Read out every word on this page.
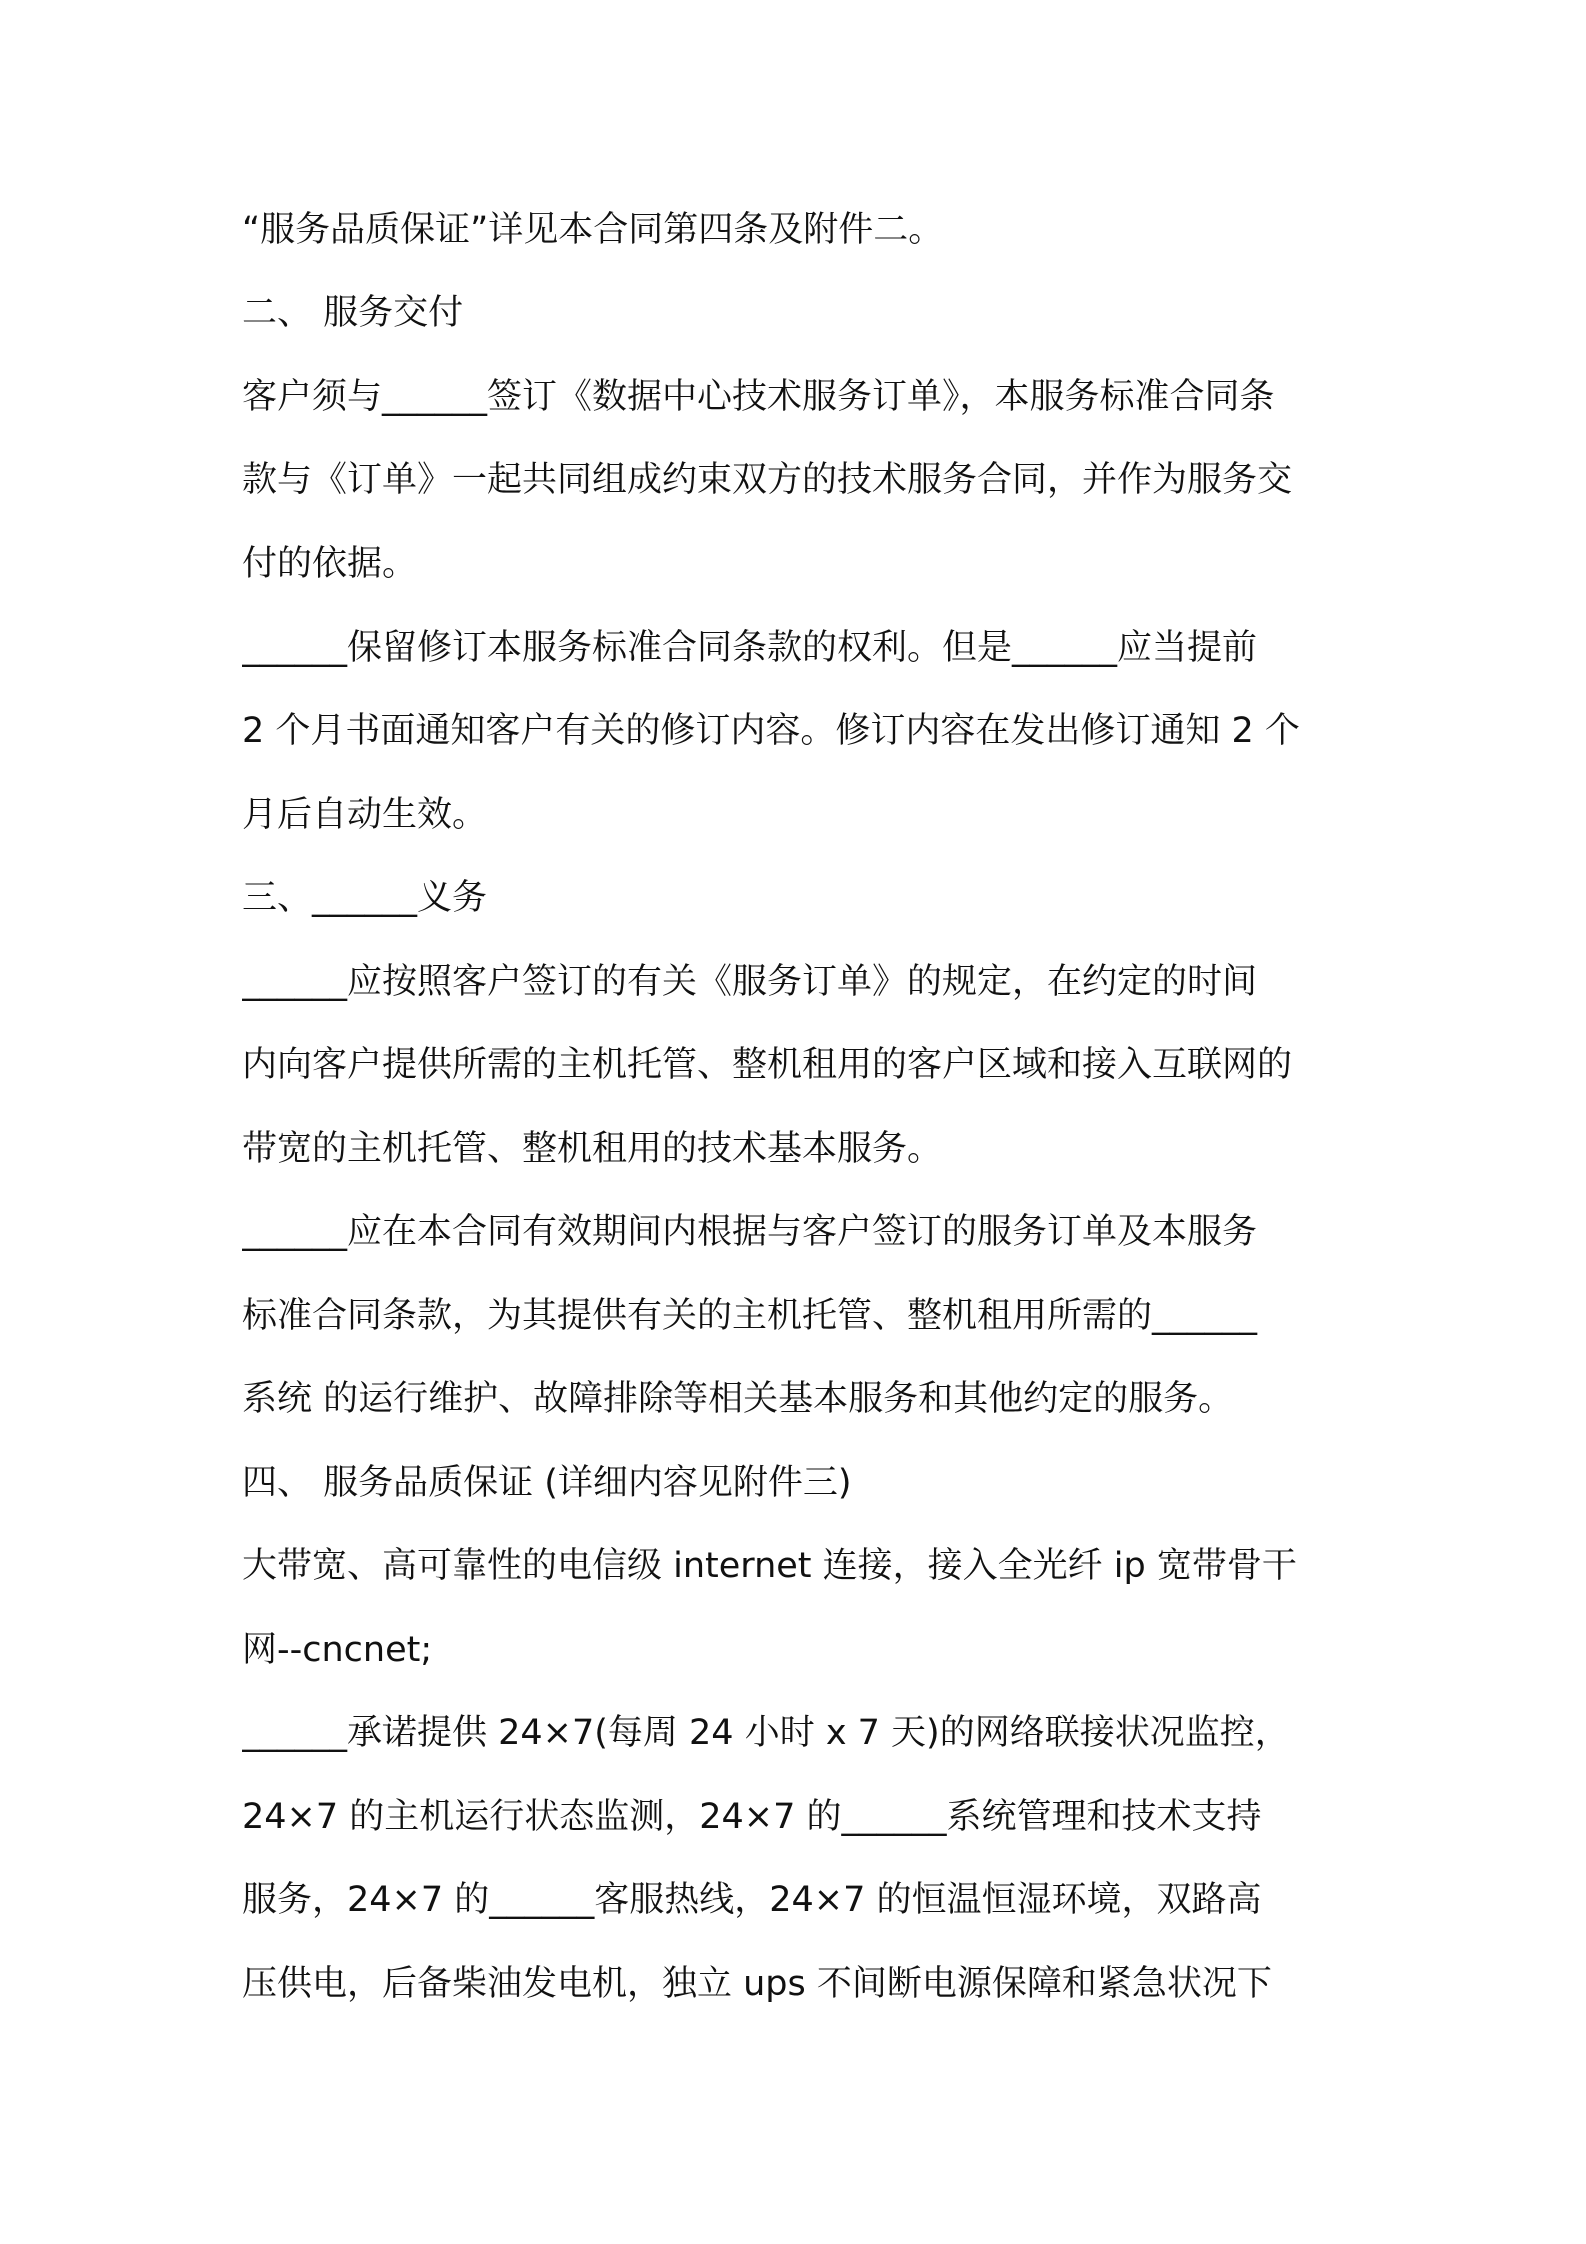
“服务品质保证”详见本合同第四条及附件二。
二、 服务交付
客户须与______签订《数据中心技术服务订单》，本服务标准合同条
款与《订单》一起共同组成约束双方的技术服务合同，并作为服务交
付的依据。
______保留修订本服务标准合同条款的权利。但是______应当提前
2 个月书面通知客户有关的修订内容。修订内容在发出修订通知 2 个
月后自动生效。
三、______义务
______应按照客户签订的有关《服务订单》的规定，在约定的时间
内向客户提供所需的主机托管、整机租用的客户区域和接入互联网的
带宽的主机托管、整机租用的技术基本服务。
______应在本合同有效期间内根据与客户签订的服务订单及本服务
标准合同条款，为其提供有关的主机托管、整机租用所需的______
系统 的运行维护、故障排除等相关基本服务和其他约定的服务。
四、 服务品质保证 (详细内容见附件三)
大带宽、高可靠性的电信级 internet 连接，接入全光纤 ip 宽带骨干
网--cncnet;
______承诺提供 24×7(每周 24 小时 x 7 天)的网络联接状况监控，
24×7 的主机运行状态监测，24×7 的______系统管理和技术支持
服务，24×7 的______客服热线，24×7 的恒温恒湿环境，双路高
压供电，后备柴油发电机，独立 ups 不间断电源保障和紧急状况下
